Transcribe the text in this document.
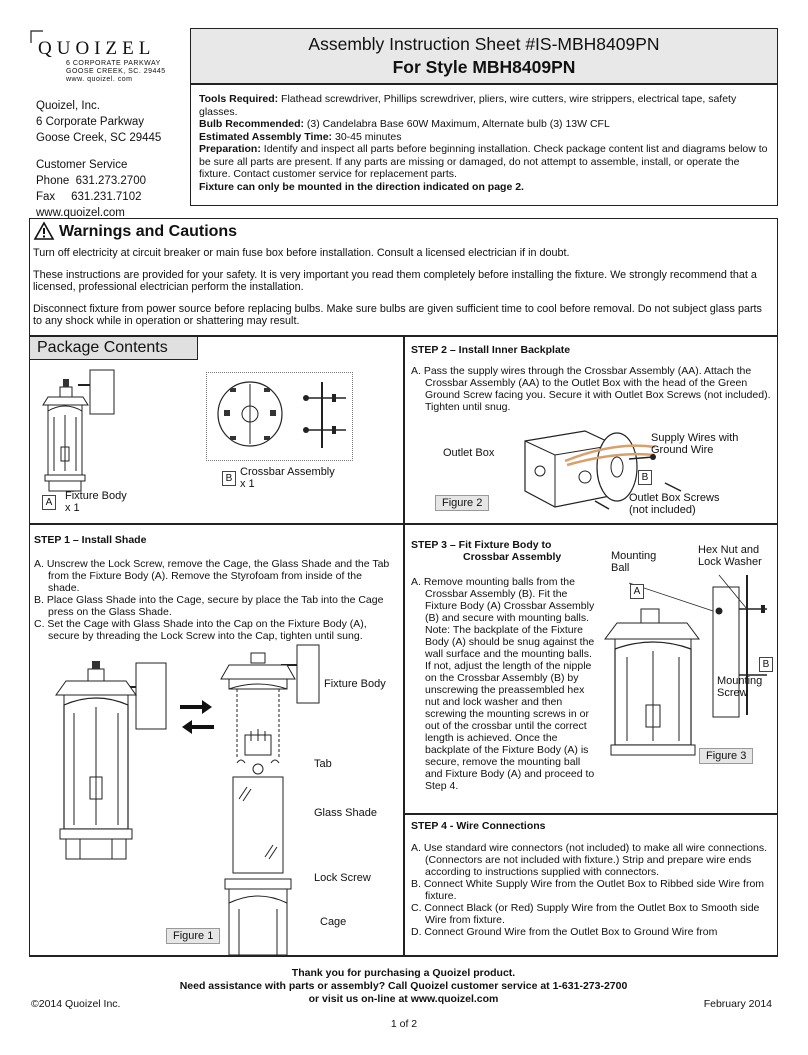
QUOIZEL
6 CORPORATE PARKWAY
GOOSE CREEK, SC. 29445
www. quoizel. com
Quoizel, Inc.
6 Corporate Parkway
Goose Creek, SC 29445
Customer Service
Phone  631.273.2700
Fax     631.231.7102
www.quoizel.com
Assembly Instruction Sheet #IS-MBH8409PN
For Style MBH8409PN
Tools Required: Flathead screwdriver, Phillips screwdriver, pliers, wire cutters, wire strippers, electrical tape, safety glasses.
Bulb Recommended: (3) Candelabra Base 60W Maximum, Alternate bulb (3) 13W CFL
Estimated Assembly Time: 30-45 minutes
Preparation: Identify and inspect all parts before beginning installation. Check package content list and diagrams below to be sure all parts are present. If any parts are missing or damaged, do not attempt to assemble, install, or operate the fixture. Contact customer service for replacement parts.
Fixture can only be mounted in the direction indicated on page 2.
Warnings and Cautions
Turn off electricity at circuit breaker or main fuse box before installation. Consult a licensed electrician if in doubt.
These instructions are provided for your safety. It is very important you read them completely before installing the fixture. We strongly recommend that a licensed, professional electrician perform the installation.
Disconnect fixture from power source before replacing bulbs. Make sure bulbs are given sufficient time to cool before removal. Do not subject glass parts to any shock while in operation or shattering may result.
Package Contents
A
Fixture Body
x 1
B
Crossbar Assembly
x 1
STEP 2 – Install Inner Backplate
A. Pass the supply wires through the Crossbar Assembly (AA). Attach the Crossbar Assembly (AA) to the Outlet Box with the head of the Green Ground Screw facing you. Secure it with Outlet Box Screws (not included). Tighten until snug.
Outlet Box
Supply Wires with Ground Wire
B
Outlet Box Screws (not included)
Figure 2
STEP 1 – Install Shade
A. Unscrew the Lock Screw, remove the Cage, the Glass Shade and the Tab from the Fixture Body (A). Remove the Styrofoam from inside of the shade.
B. Place Glass Shade into the Cage, secure by place the Tab into the Cage press on the Glass Shade.
C. Set the Cage with Glass Shade into the Cap on the Fixture Body (A), secure by threading the Lock Screw into the Cap, tighten until sung.
Fixture Body
Tab
Glass Shade
Lock Screw
Cage
Figure 1
STEP 3 – Fit Fixture Body to
Crossbar Assembly
A. Remove mounting balls from the Crossbar Assembly (B). Fit the Fixture Body (A) Crossbar Assembly (B) and secure with mounting balls. Note: The backplate of the Fixture Body (A) should be snug against the wall surface and the mounting balls. If not, adjust the length of the nipple on the Crossbar Assembly (B) by unscrewing the preassembled hex nut and lock washer and then screwing the mounting screws in or out of the crossbar until the correct length is achieved. Once the backplate of the Fixture Body (A) is secure, remove the mounting ball and Fixture Body (A) and proceed to Step 4.
Mounting Ball
Hex Nut and Lock Washer
A
B
Mounting Screw
Figure 3
STEP 4 - Wire Connections
A. Use standard wire connectors (not included) to make all wire connections. (Connectors are not included with fixture.) Strip and prepare wire ends according to instructions supplied with connectors.
B. Connect White Supply Wire from the Outlet Box to Ribbed side Wire from fixture.
C. Connect Black (or Red) Supply Wire from the Outlet Box to Smooth side Wire from fixture.
D. Connect Ground Wire from the Outlet Box to Ground Wire from
Thank you for purchasing a Quoizel product.
Need assistance with parts or assembly? Call Quoizel customer service at 1-631-273-2700
or visit us on-line at www.quoizel.com
©2014 Quoizel Inc.	February 2014
1 of 2
